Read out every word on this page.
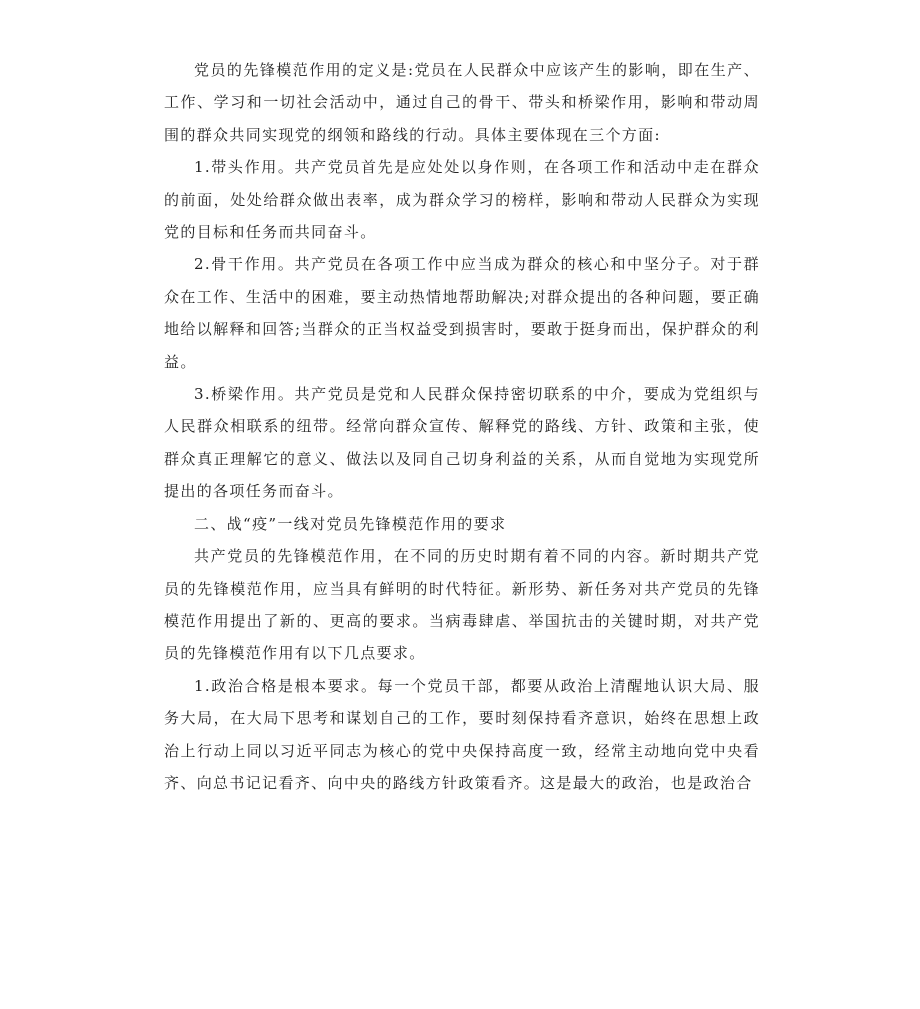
党员的先锋模范作用的定义是:党员在人民群众中应该产生的影响，即在生产、工作、学习和一切社会活动中，通过自己的骨干、带头和桥梁作用，影响和带动周围的群众共同实现党的纲领和路线的行动。具体主要体现在三个方面:

1.带头作用。共产党员首先是应处处以身作则，在各项工作和活动中走在群众的前面，处处给群众做出表率，成为群众学习的榜样，影响和带动人民群众为实现党的目标和任务而共同奋斗。

2.骨干作用。共产党员在各项工作中应当成为群众的核心和中坚分子。对于群众在工作、生活中的困难，要主动热情地帮助解决;对群众提出的各种问题，要正确地给以解释和回答;当群众的正当权益受到损害时，要敢于挺身而出，保护群众的利益。

3.桥梁作用。共产党员是党和人民群众保持密切联系的中介，要成为党组织与人民群众相联系的纽带。经常向群众宣传、解释党的路线、方针、政策和主张，使群众真正理解它的意义、做法以及同自己切身利益的关系，从而自觉地为实现党所提出的各项任务而奋斗。

二、战“疫”一线对党员先锋模范作用的要求

共产党员的先锋模范作用，在不同的历史时期有着不同的内容。新时期共产党员的先锋模范作用，应当具有鲜明的时代特征。新形势、新任务对共产党员的先锋模范作用提出了新的、更高的要求。当病毒肆虐、举国抗击的关键时期，对共产党员的先锋模范作用有以下几点要求。

1.政治合格是根本要求。每一个党员干部，都要从政治上清醒地认识大局、服务大局，在大局下思考和谋划自己的工作，要时刻保持看齐意识，始终在思想上政治上行动上同以习近平同志为核心的党中央保持高度一致，经常主动地向党中央看齐、向总书记记看齐、向中央的路线方针政策看齐。这是最大的政治，也是政治合
